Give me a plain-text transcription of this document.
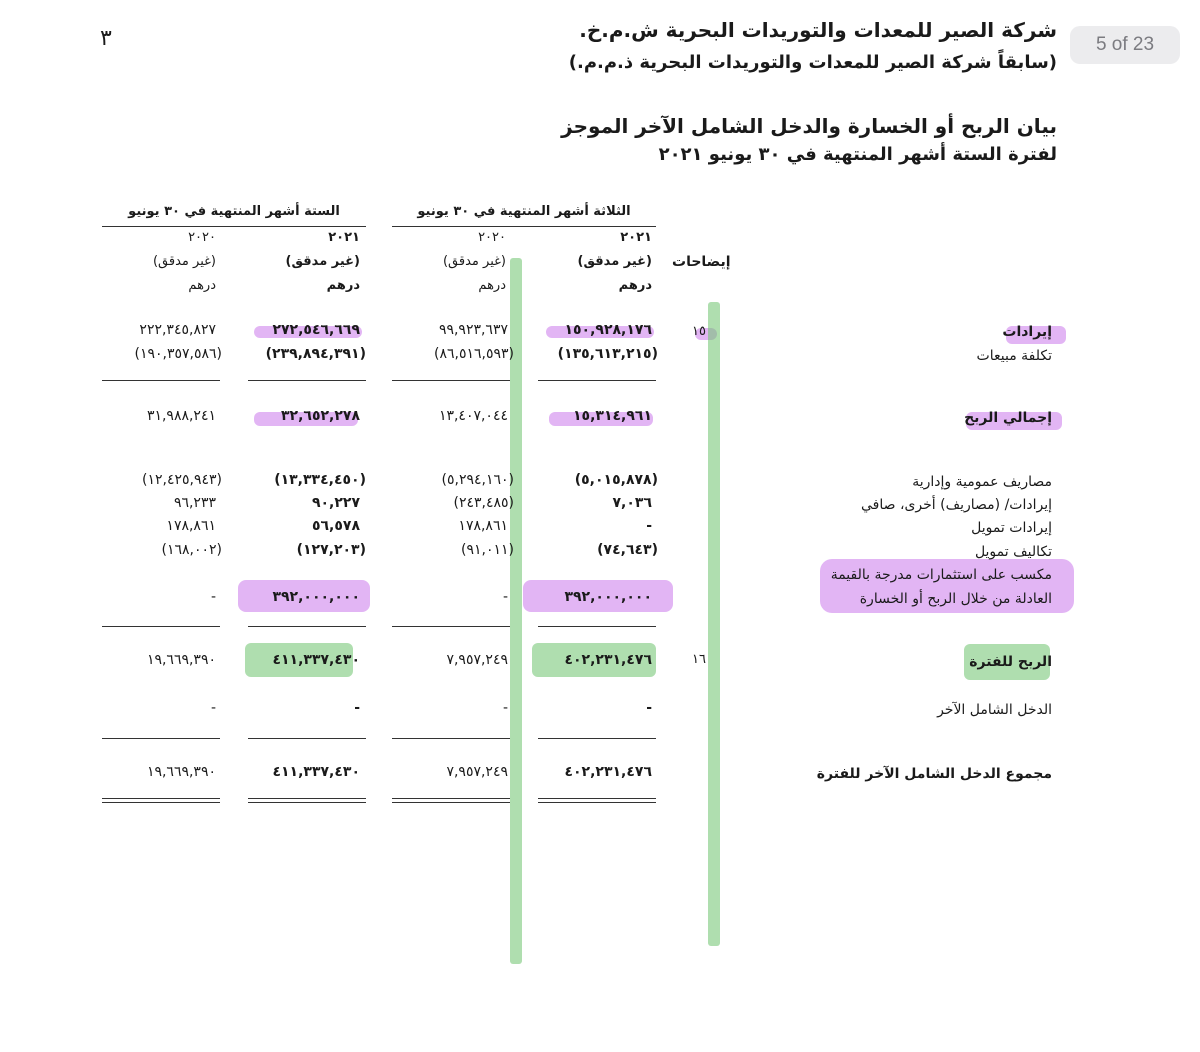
5 of 23
٣	شركة الصير للمعدات والتوريدات البحرية ش.م.خ.
(سابقاً شركة الصير للمعدات والتوريدات البحرية ذ.م.م.)
بيان الربح أو الخسارة والدخل الشامل الآخر الموجز
لفترة الستة أشهر المنتهية في ٣٠ يونيو ٢٠٢١
الثلاثة أشهر المنتهية في ٣٠ يونيو
الستة أشهر المنتهية في ٣٠ يونيو
٢٠٢١
(غير مدقق)
درهم
٢٠٢٠
(غير مدقق)
درهم
٢٠٢١
(غير مدقق)
درهم
٢٠٢٠
(غير مدقق)
درهم
إيضاحات
إيرادات
١٥
١٥٠,٩٢٨,١٧٦
٩٩,٩٢٣,٦٣٧
٢٧٢,٥٤٦,٦٦٩
٢٢٢,٣٤٥,٨٢٧
تكلفة مبيعات
(١٣٥,٦١٣,٢١٥)
(٨٦,٥١٦,٥٩٣)
(٢٣٩,٨٩٤,٣٩١)
(١٩٠,٣٥٧,٥٨٦)
إجمالي الربح
١٥,٣١٤,٩٦١
١٣,٤٠٧,٠٤٤
٣٢,٦٥٢,٢٧٨
٣١,٩٨٨,٢٤١
مصاريف عمومية وإدارية
(٥,٠١٥,٨٧٨)
(٥,٢٩٤,١٦٠)
(١٣,٣٣٤,٤٥٠)
(١٢,٤٢٥,٩٤٣)
إيرادات/ (مصاريف) أخرى، صافي
٧,٠٣٦
(٢٤٣,٤٨٥)
٩٠,٢٢٧
٩٦,٢٣٣
إيرادات تمويل
-
١٧٨,٨٦١
٥٦,٥٧٨
١٧٨,٨٦١
تكاليف تمويل
(٧٤,٦٤٣)
(٩١,٠١١)
(١٢٧,٢٠٣)
(١٦٨,٠٠٢)
مكسب على استثمارات مدرجة بالقيمة
العادلة من خلال الربح أو الخسارة
٣٩٢,٠٠٠,٠٠٠
-
٣٩٢,٠٠٠,٠٠٠
-
الربح للفترة
١٦
٤٠٢,٢٣١,٤٧٦
٧,٩٥٧,٢٤٩
٤١١,٣٣٧,٤٣٠
١٩,٦٦٩,٣٩٠
الدخل الشامل الآخر
-
-
-
-
مجموع الدخل الشامل الآخر للفترة
٤٠٢,٢٣١,٤٧٦
٧,٩٥٧,٢٤٩
٤١١,٣٣٧,٤٣٠
١٩,٦٦٩,٣٩٠
